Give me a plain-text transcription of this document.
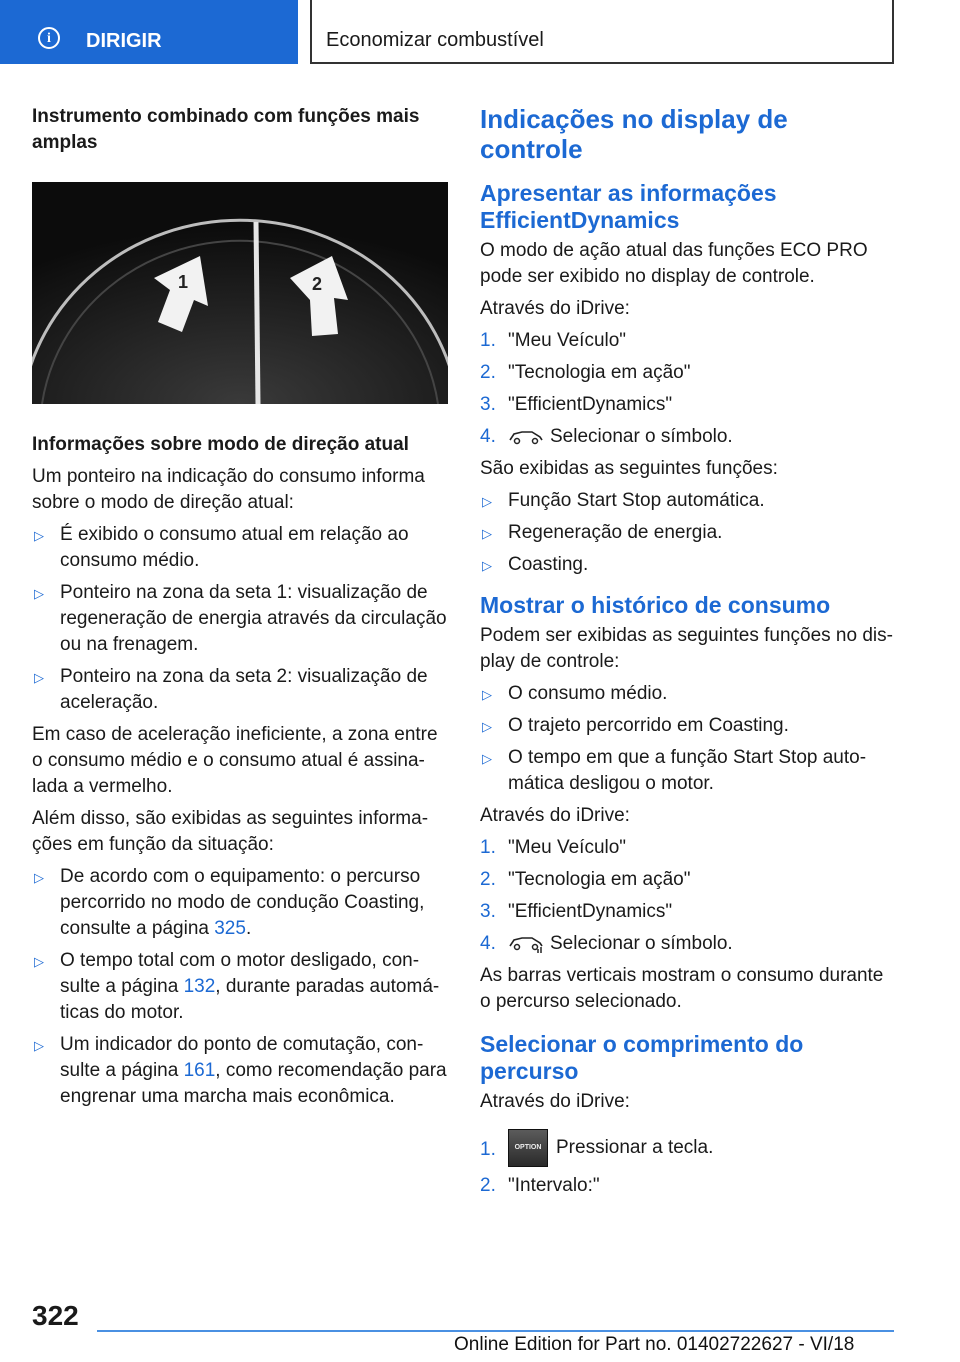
i	DIRIGIR	Economizar combustível

Instrumento combinado com funções mais amplas

1	2

Informações sobre modo de direção atual

Um ponteiro na indicação do consumo informa sobre o modo de direção atual:

▷ É exibido o consumo atual em relação ao consumo médio.
▷ Ponteiro na zona da seta 1: visualização de regeneração de energia através da circulação ou na frenagem.
▷ Ponteiro na zona da seta 2: visualização de aceleração.

Em caso de aceleração ineficiente, a zona entre o consumo médio e o consumo atual é assina-lada a vermelho.

Além disso, são exibidas as seguintes informa-ções em função da situação:

▷ De acordo com o equipamento: o percurso percorrido no modo de condução Coasting, consulte a página 325.
▷ O tempo total com o motor desligado, con-sulte a página 132, durante paradas automá-ticas do motor.
▷ Um indicador do ponto de comutação, con-sulte a página 161, como recomendação para engrenar uma marcha mais econômica.

Indicações no display de controle

Apresentar as informações EfficientDynamics

O modo de ação atual das funções ECO PRO pode ser exibido no display de controle.

Através do iDrive:

1. "Meu Veículo"
2. "Tecnologia em ação"
3. "EfficientDynamics"
4.	Selecionar o símbolo.

São exibidas as seguintes funções:

▷ Função Start Stop automática.
▷ Regeneração de energia.
▷ Coasting.

Mostrar o histórico de consumo

Podem ser exibidas as seguintes funções no dis-play de controle:

▷ O consumo médio.
▷ O trajeto percorrido em Coasting.
▷ O tempo em que a função Start Stop auto-mática desligou o motor.

Através do iDrive:

1. "Meu Veículo"
2. "Tecnologia em ação"
3. "EfficientDynamics"
4.	Selecionar o símbolo.

As barras verticais mostram o consumo durante o percurso selecionado.

Selecionar o comprimento do percurso

Através do iDrive:

1.	OPTION Pressionar a tecla.
2. "Intervalo:"
322
Online Edition for Part no. 01402722627 - VI/18
